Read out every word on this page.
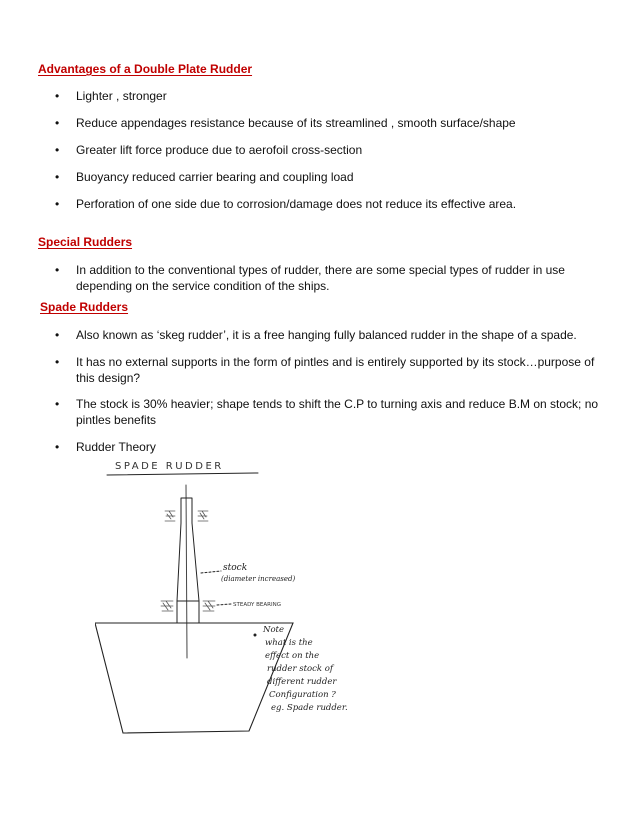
Advantages of a Double Plate Rudder
• Lighter , stronger
• Reduce appendages resistance because of its streamlined , smooth surface/shape
• Greater lift force produce due to aerofoil cross-section
• Buoyancy reduced carrier bearing and coupling load
• Perforation of one side due to corrosion/damage does not reduce its effective area.
Special Rudders
• In addition to the conventional types of rudder, there are some special types of rudder in use depending on the service condition of the ships.
Spade Rudders
• Also known as ‘skeg rudder’, it is a free hanging fully balanced rudder in the shape of a spade.
• It has no external supports in the form of pintles and is entirely supported by its stock…purpose of this design?
• The stock is 30% heavier; shape tends to shift the C.P to turning axis and reduce B.M on stock; no pintles benefits
• Rudder Theory
SPADE RUDDER
stock
(diameter increased)
STEADY BEARING
Note
what is the
effect on the
rudder stock of
different rudder
Configuration ?
eg. Spade rudder.
